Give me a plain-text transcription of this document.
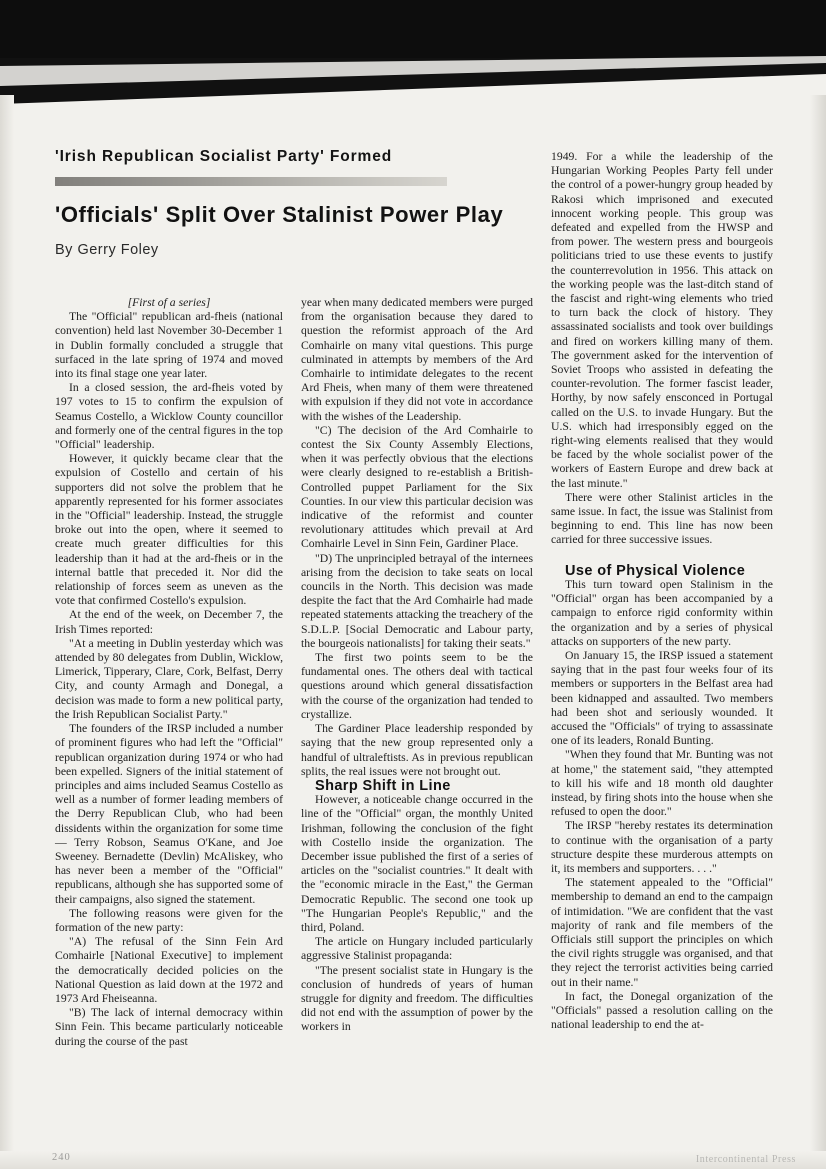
'Irish Republican Socialist Party' Formed
'Officials' Split Over Stalinist Power Play
By Gerry Foley

[First of a series]

The "Official" republican ard-fheis (national convention) held last November 30-December 1 in Dublin formally concluded a struggle that surfaced in the late spring of 1974 and moved into its final stage one year later.

In a closed session, the ard-fheis voted by 197 votes to 15 to confirm the expulsion of Seamus Costello, a Wicklow County councillor and formerly one of the central figures in the top "Official" leadership.

However, it quickly became clear that the expulsion of Costello and certain of his supporters did not solve the problem that he apparently represented for his former associates in the "Official" leadership. Instead, the struggle broke out into the open, where it seemed to create much greater difficulties for this leadership than it had at the ard-fheis or in the internal battle that preceded it. Nor did the relationship of forces seem as uneven as the vote that confirmed Costello's expulsion.

At the end of the week, on December 7, the Irish Times reported:

"At a meeting in Dublin yesterday which was attended by 80 delegates from Dublin, Wicklow, Limerick, Tipperary, Clare, Cork, Belfast, Derry City, and county Armagh and Donegal, a decision was made to form a new political party, the Irish Republican Socialist Party."

The founders of the IRSP included a number of prominent figures who had left the "Official" republican organization during 1974 or who had been expelled. Signers of the initial statement of principles and aims included Seamus Costello as well as a number of former leading members of the Derry Republican Club, who had been dissidents within the organization for some time— Terry Robson, Seamus O'Kane, and Joe Sweeney. Bernadette (Devlin) McAliskey, who has never been a member of the "Official" republicans, although she has supported some of their campaigns, also signed the statement.

The following reasons were given for the formation of the new party:

"A) The refusal of the Sinn Fein Ard Comhairle [National Executive] to implement the democratically decided policies on the National Question as laid down at the 1972 and 1973 Ard Fheiseanna.

"B) The lack of internal democracy within Sinn Fein. This became particularly noticeable during the course of the past

year when many dedicated members were purged from the organisation because they dared to question the reformist approach of the Ard Comhairle on many vital questions. This purge culminated in attempts by members of the Ard Comhairle to intimidate delegates to the recent Ard Fheis, when many of them were threatened with expulsion if they did not vote in accordance with the wishes of the Leadership.

"C) The decision of the Ard Comhairle to contest the Six County Assembly Elections, when it was perfectly obvious that the elections were clearly designed to re-establish a British-Controlled puppet Parliament for the Six Counties. In our view this particular decision was indicative of the reformist and counter revolutionary attitudes which prevail at Ard Comhairle Level in Sinn Fein, Gardiner Place.

"D) The unprincipled betrayal of the internees arising from the decision to take seats on local councils in the North. This decision was made despite the fact that the Ard Comhairle had made repeated statements attacking the treachery of the S.D.L.P. [Social Democratic and Labour party, the bourgeois nationalists] for taking their seats."

The first two points seem to be the fundamental ones. The others deal with tactical questions around which general dissatisfaction with the course of the organization had tended to crystallize.

The Gardiner Place leadership responded by saying that the new group represented only a handful of ultraleftists. As in previous republican splits, the real issues were not brought out.

Sharp Shift in Line

However, a noticeable change occurred in the line of the "Official" organ, the monthly United Irishman, following the conclusion of the fight with Costello inside the organization. The December issue published the first of a series of articles on the "socialist countries." It dealt with the "economic miracle in the East," the German Democratic Republic. The second one took up "The Hungarian People's Republic," and the third, Poland.

The article on Hungary included particularly aggressive Stalinist propaganda:

"The present socialist state in Hungary is the conclusion of hundreds of years of human struggle for dignity and freedom. The difficulties did not end with the assumption of power by the workers in

1949. For a while the leadership of the Hungarian Working Peoples Party fell under the control of a power-hungry group headed by Rakosi which imprisoned and executed innocent working people. This group was defeated and expelled from the HWSP and from power. The western press and bourgeois politicians tried to use these events to justify the counterrevolution in 1956. This attack on the working people was the last-ditch stand of the fascist and right-wing elements who tried to turn back the clock of history. They assassinated socialists and took over buildings and fired on workers killing many of them. The government asked for the intervention of Soviet Troops who assisted in defeating the counter-revolution. The former fascist leader, Horthy, by now safely ensconced in Portugal called on the U.S. to invade Hungary. But the U.S. which had irresponsibly egged on the right-wing elements realised that they would be faced by the whole socialist power of the workers of Eastern Europe and drew back at the last minute."

There were other Stalinist articles in the same issue. In fact, the issue was Stalinist from beginning to end. This line has now been carried for three successive issues.

Use of Physical Violence

This turn toward open Stalinism in the "Official" organ has been accompanied by a campaign to enforce rigid conformity within the organization and by a series of physical attacks on supporters of the new party.

On January 15, the IRSP issued a statement saying that in the past four weeks four of its members or supporters in the Belfast area had been kidnapped and assaulted. Two members had been shot and seriously wounded. It accused the "Officials" of trying to assassinate one of its leaders, Ronald Bunting.

"When they found that Mr. Bunting was not at home," the statement said, "they attempted to kill his wife and 18 month old daughter instead, by firing shots into the house when she refused to open the door."

The IRSP "hereby restates its determination to continue with the organisation of a party structure despite these murderous attempts on it, its members and supporters. . . ."

The statement appealed to the "Official" membership to demand an end to the campaign of intimidation. "We are confident that the vast majority of rank and file members of the Officials still support the principles on which the civil rights struggle was organised, and that they reject the terrorist activities being carried out in their name."

In fact, the Donegal organization of the "Officials" passed a resolution calling on the national leadership to end the at-

240	Intercontinental Press
